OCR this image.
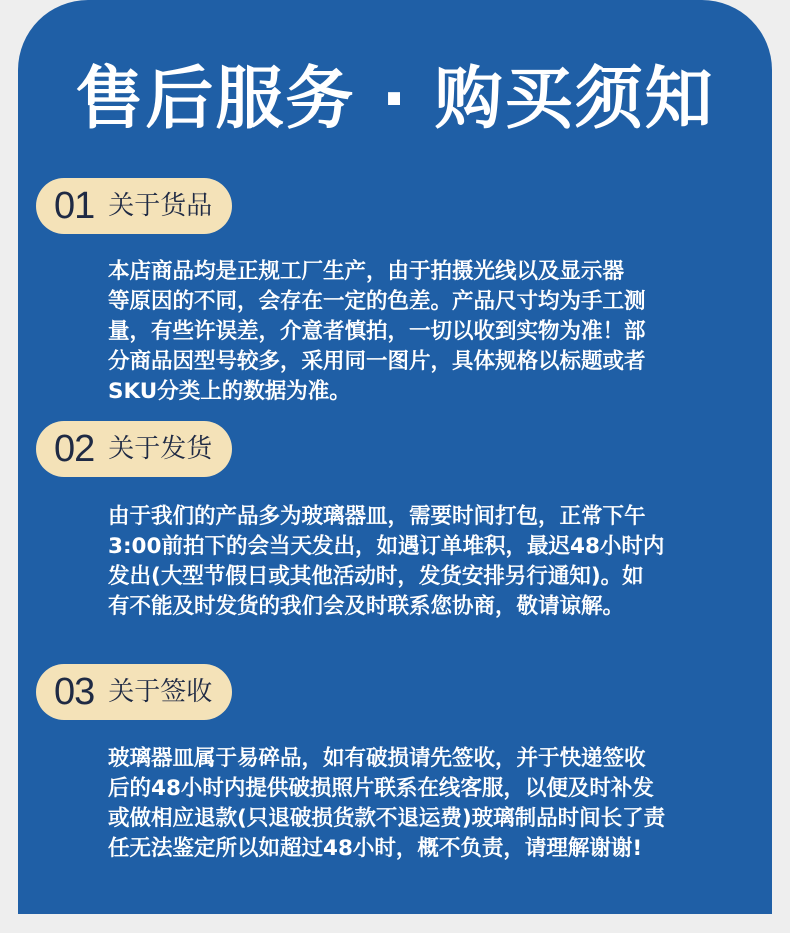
售后服务 · 购买须知
01 关于货品
本店商品均是正规工厂生产，由于拍摄光线以及显示器
等原因的不同，会存在一定的色差。产品尺寸均为手工测
量，有些许误差，介意者慎拍，一切以收到实物为准！部
分商品因型号较多，采用同一图片，具体规格以标题或者
SKU分类上的数据为准。
02 关于发货
由于我们的产品多为玻璃器皿，需要时间打包，正常下午
3:00前拍下的会当天发出，如遇订单堆积，最迟48小时内
发出(大型节假日或其他活动时，发货安排另行通知)。如
有不能及时发货的我们会及时联系您协商，敬请谅解。
03 关于签收
玻璃器皿属于易碎品，如有破损请先签收，并于快递签收
后的48小时内提供破损照片联系在线客服，以便及时补发
或做相应退款(只退破损货款不退运费)玻璃制品时间长了责
任无法鉴定所以如超过48小时，概不负责，请理解谢谢!
